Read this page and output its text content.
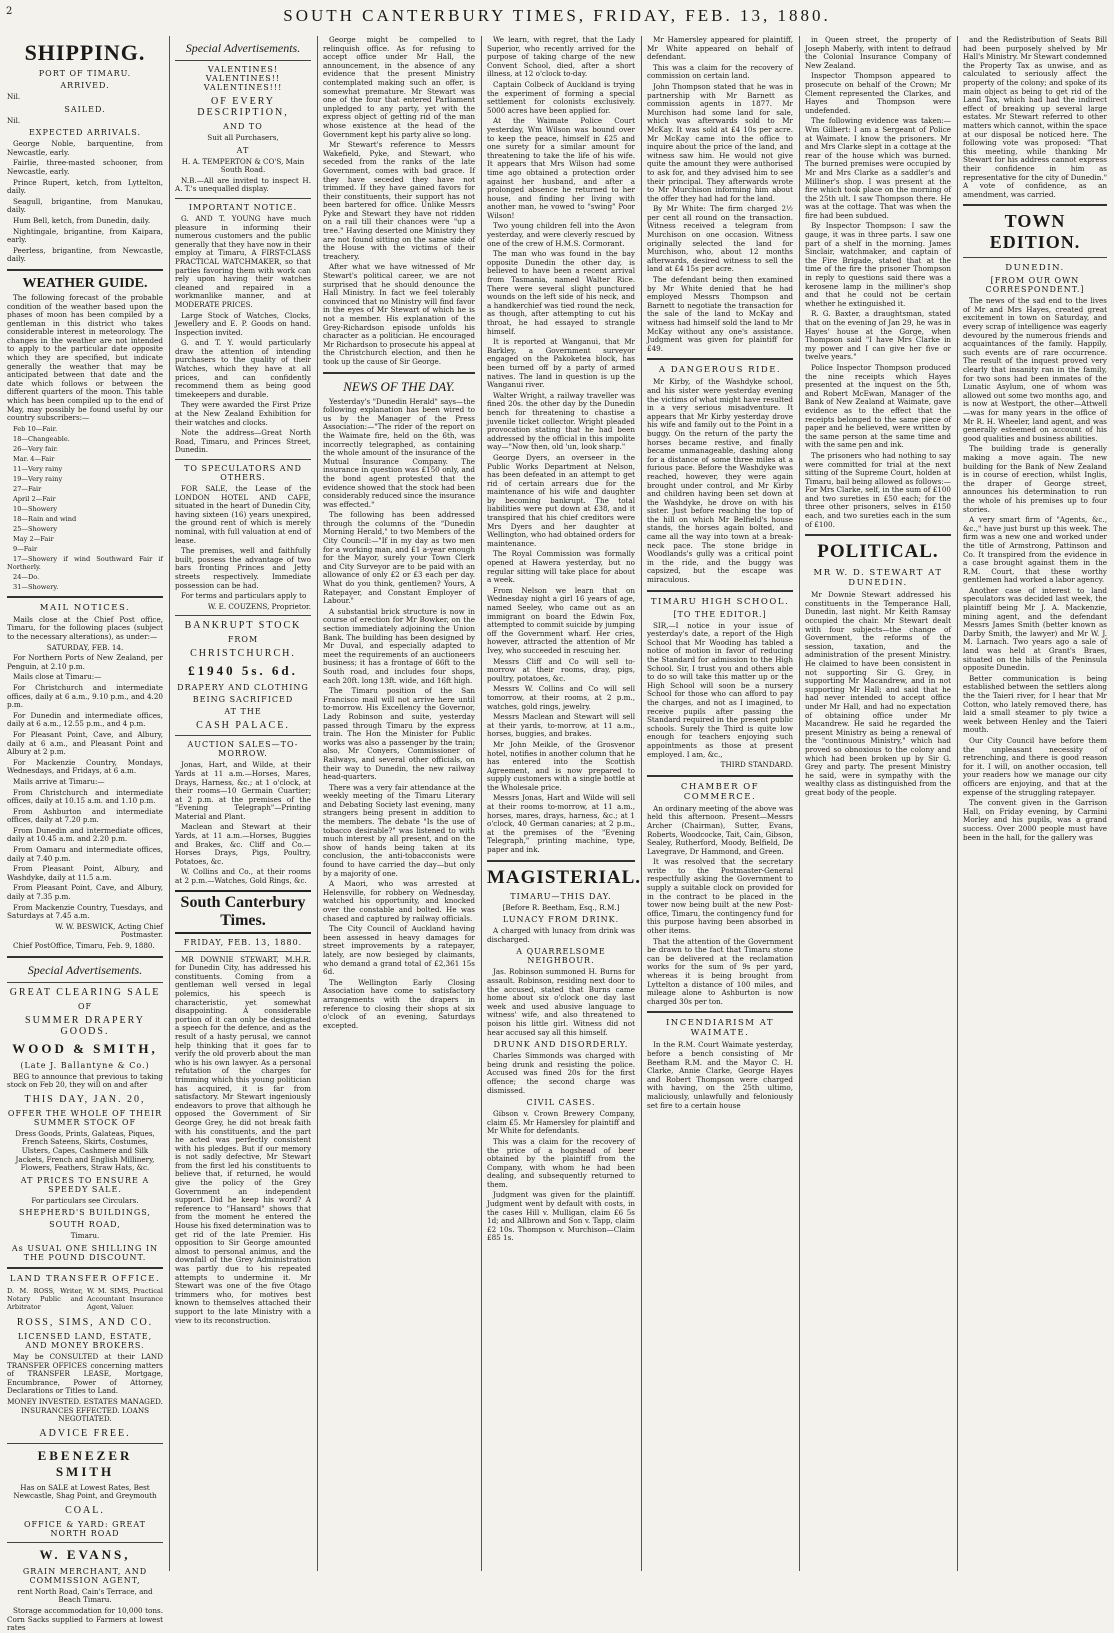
2	SOUTH CANTERBURY TIMES, FRIDAY, FEB. 13, 1880.
SHIPPING.
PORT OF TIMARU.
ARRIVED.
Nil.
SAILED.
Nil.
EXPECTED ARRIVALS.
George Noble, barquentine, from Newcastle, early.
Fairlie, three-masted schooner, from Newcastle, early.
Prince Rupert, ketch, from Lyttelton, daily.
Seagull, brigantine, from Manukau, daily.
Hum Bell, ketch, from Dunedin, daily.
Nightingale, brigantine, from Kaipara, early.
Peerless, brigantine, from Newcastle, daily.
WEATHER GUIDE.
The following forecast of the probable condition of the weather based upon the phases of moon has been compiled by a gentleman in this district who takes considerable interest in meteorology. The changes in the weather are not intended to apply to the particular date opposite which they are specified, but indicate generally the weather that may be anticipated between that date and the date which follows or between the different quarters of the moon. This table which has been compiled up to the end of May, may possibly be found useful by our country subscribers:—
Feb 10—Fair.
18—Changeable.
26—Very fair.
Mar. 4—Fair
11—Very rainy
19—Very rainy
27—Fair
April 2—Fair
10—Showery
18—Rain and wind
25—Showery
May 2—Fair
9—Fair
17—Showery if wind Southward Fair if Northerly.
24—Do.
31—Showery.
MAIL NOTICES.
Mails close at the Chief Post office, Timaru, for the following places (subject to the necessary alterations), as under:—
SATURDAY, FEB. 14.
For Northern Ports of New Zealand, per Penguin, at 2.10 p.m.
Mails close at Timaru:—
For Christchurch and intermediate offices, daily at 6 a.m., 9.10 p.m., and 4.20 p.m.
For Dunedin and intermediate offices, daily at 6 a.m., 12.55 p.m., and 4 p.m.
For Pleasant Point, Cave, and Albury, daily at 6 a.m., and Pleasant Point and Albury at 2 p.m.
For Mackenzie Country, Mondays, Wednesdays, and Fridays, at 6 a.m.
Mails arrive at Timaru:—
From Christchurch and intermediate offices, daily at 10.15 a.m. and 1.10 p.m.
From Ashburton and intermediate offices, daily at 7.20 p.m.
From Dunedin and intermediate offices, daily at 10.45 a.m. and 2.20 p.m.
From Oamaru and intermediate offices, daily at 7.40 p.m.
From Pleasant Point, Albury, and Washdyke, daily at 11.5 a.m.
From Pleasant Point, Cave, and Albury, daily at 7.35 p.m.
From Mackenzie Country, Tuesdays, and Saturdays at 7.45 a.m.
W. W. BESWICK, Acting Chief Postmaster.
Chief PostOffice, Timaru, Feb. 9, 1880.
Special Advertisements.
GREAT CLEARING SALE
OF
SUMMER DRAPERY GOODS.
WOOD & SMITH,
(Late J. Ballantyne & Co.)
BEG to announce that previous to taking stock on Feb 20, they will on and after
THIS DAY, JAN. 20,
OFFER THE WHOLE OF THEIR SUMMER STOCK OF
Dress Goods, Prints, Galateas, Piques, French Sateens, Skirts, Costumes, Ulsters, Capes, Cashmere and Silk Jackets, French and English Millinery, Flowers, Feathers, Straw Hats, &c.
AT PRICES TO ENSURE A SPEEDY SALE.
For particulars see Circulars.
SHEPHERD'S BUILDINGS,
SOUTH ROAD,
Timaru.
As USUAL ONE SHILLING IN THE POUND DISCOUNT.
LAND TRANSFER OFFICE.
D. M. ROSS, Writer, Notary Public and Arbitrator
W. M. SIMS, Practical Accountant Insurance Agent, Valuer.
ROSS, SIMS, AND CO.
LICENSED LAND, ESTATE, AND MONEY BROKERS.
May be CONSULTED at their LAND TRANSFER OFFICES concerning matters of TRANSFER LEASE, Mortgage, Encumbrance, Power of Attorney, Declarations or Titles to Land.
MONEY INVESTED. ESTATES MANAGED. INSURANCES EFFECTED. LOANS NEGOTIATED.
ADVICE FREE.
EBENEZER SMITH
Has on SALE at Lowest Rates, Best Newcastle, Shag Point, and Greymouth
COAL.
OFFICE & YARD: GREAT NORTH ROAD
W. EVANS,
GRAIN MERCHANT, AND COMMISSION AGENT,
rent North Road, Cain's Terrace, and Beach Timaru.
Storage accommodation for 10,000 tons. Corn Sacks supplied to Farmers at lowest rates
Special Advertisements.
VALENTINES! VALENTINES!! VALENTINES!!!
OF EVERY DESCRIPTION,
AND TO
Suit all Purchasers,
AT
H. A. TEMPERTON & CO'S, Main South Road.
N.B.—All are invited to inspect H. A. T.'s unequalled display.
IMPORTANT NOTICE.
G. AND T. YOUNG have much pleasure in informing their numerous customers and the public generally that they have now in their employ at Timaru, A FIRST-CLASS PRACTICAL WATCHMAKER, so that parties favoring them with work can rely upon having their watches cleaned and repaired in a workmanlike manner, and at MODERATE PRICES.
Large Stock of Watches, Clocks, Jewellery and E. P. Goods on hand. Inspection invited.
G. and T. Y. would particularly draw the attention of intending purchasers to the quality of their Watches, which they have at all prices, and can confidently recommend them as being good timekeepers and durable.
They were awarded the First Prize at the New Zealand Exhibition for their watches and clocks.
Note the address—Great North Road, Timaru, and Princes Street, Dunedin.
TO SPECULATORS AND OTHERS.
FOR SALE, the Lease of the LONDON HOTEL AND CAFE, situated in the heart of Dunedin City, having sixteen (16) years unexpired, the ground rent of which is merely nominal, with full valuation at end of lease.
The premises, well and faithfully built, possess the advantage of two bars fronting Princes and Jetty streets respectively. Immediate possession can be had.
For terms and particulars apply to
W. E. COUZENS, Proprietor.
BANKRUPT STOCK
FROM
CHRISTCHURCH.
£1940 5s. 6d.
DRAPERY AND CLOTHING
BEING SACRIFICED
AT THE
CASH PALACE.
AUCTION SALES—TO-MORROW.
Jonas, Hart, and Wilde, at their Yards at 11 a.m.—Horses, Mares, Drays, Harness, &c.; at 1 o'clock, at their rooms—10 Germain Cuartier; at 2 p.m. at the premises of the "Evening Telegraph"—Printing Material and Plant.
Maclean and Stewart at their Yards, at 11 a.m.—Horses, Buggies and Brakes, &c. Cliff and Co.—Horses Drays, Pigs, Poultry, Potatoes, &c.
W. Collins and Co., at their rooms at 2 p.m.—Watches, Gold Rings, &c.
South Canterbury Times.
FRIDAY, FEB. 13, 1880.
MR DOWNIE STEWART, M.H.R. for Dunedin City, has addressed his constituents. Coming from a gentleman well versed in legal polemics, his speech is characteristic, yet somewhat disappointing. A considerable portion of it can only be designated a speech for the defence, and as the result of a hasty perusal, we cannot help thinking that it goes far to verify the old proverb about the man who is his own lawyer. As a personal refutation of the charges for trimming which this young politician has acquired, it is far from satisfactory. Mr Stewart ingeniously endeavors to prove that although he opposed the Government of Sir George Grey, he did not break faith with his constituents, and the part he acted was perfectly consistent with his pledges. But if our memory is not sadly defective, Mr Stewart from the first led his constituents to believe that, if returned, he would give the policy of the Grey Government an independent support. Did he keep his word? A reference to "Hansard" shows that from the moment he entered the House his fixed determination was to get rid of the late Premier. His opposition to Sir George amounted almost to personal animus, and the downfall of the Grey Administration was partly due to his repeated attempts to undermine it. Mr Stewart was one of the five Otago trimmers who, for motives best known to themselves attached their support to the late Ministry with a view to its reconstruction.
George might be compelled to relinquish office. As for refusing to accept office under Mr Hall, the announcement, in the absence of any evidence that the present Ministry contemplated making such an offer, is somewhat premature. Mr Stewart was one of the four that entered Parliament unpledged to any party, yet with the express object of getting rid of the man whose existence at the head of the Government kept his party alive so long.
Mr Stewart's reference to Messrs Wakefield, Pyke, and Stewart, who seceded from the ranks of the late Government, comes with bad grace. If they have seceded they have not trimmed. If they have gained favors for their constituents, their support has not been bartered for office. Unlike Messrs Pyke and Stewart they have not ridden on a rail till their chances were "up a tree." Having deserted one Ministry they are not found sitting on the same side of the House with the victims of their treachery.
After what we have witnessed of Mr Stewart's political career, we are not surprised that he should denounce the Hall Ministry. In fact we feel tolerably convinced that no Ministry will find favor in the eyes of Mr Stewart of which he is not a member. His explanation of the Grey-Richardson episode unfolds his character as a politician. He encouraged Mr Richardson to prosecute his appeal at the Christchurch election, and then he took up the cause of Sir George.
NEWS OF THE DAY.
Yesterday's "Dunedin Herald" says—the following explanation has been wired to us by the Manager of the Press Association:—"The rider of the report on the Waimate fire, held on the 6th, was incorrectly telegraphed, as containing the whole amount of the insurance of the Mutual Insurance Company. The insurance in question was £150 only, and the bond agent protested that the evidence showed that the stock had been considerably reduced since the insurance was effected."
The following has been addressed through the columns of the "Dunedin Morning Herald," to two Members of the City Council:—"If in my day as two men for a working man, and £1 a-year enough for the Mayor, surely your Town Clerk and City Surveyor are to be paid with an allowance of only £2 or £3 each per day. What do you think, gentlemen? Yours, A Ratepayer, and Constant Employer of Labour."
A substantial brick structure is now in course of erection for Mr Bowker, on the section immediately adjoining the Union Bank. The building has been designed by Mr Duval, and especially adapted to meet the requirements of an auctioneers business; it has a frontage of 66ft to the South road, and includes four shops, each 20ft. long 13ft. wide, and 16ft high.
The Timaru position of the San Francisco mail will not arrive here until to-morrow. His Excellency the Governor, Lady Robinson and suite, yesterday passed through Timaru by the express train. The Hon the Minister for Public works was also a passenger by the train; also, Mr Conyers, Commissioner of Railways, and several other officials, on their way to Dunedin, the new railway head-quarters.
There was a very fair attendance at the weekly meeting of the Timaru Literary and Debating Society last evening, many strangers being present in addition to the members. The debate "Is the use of tobacco desirable?" was listened to with much interest by all present, and on the show of hands being taken at its conclusion, the anti-tobacconists were found to have carried the day—but only by a majority of one.
A Maori, who was arrested at Helensville, for robbery on Wednesday, watched his opportunity, and knocked over the constable and bolted. He was chased and captured by railway officials.
The City Council of Auckland having been assessed in heavy damages for street improvements by a ratepayer, lately, are now besieged by claimants, who demand a grand total of £2,361 15s 6d.
The Wellington Early Closing Association have come to satisfactory arrangements with the drapers in reference to closing their shops at six o'clock of an evening, Saturdays excepted.
We learn, with regret, that the Lady Superior, who recently arrived for the purpose of taking charge of the new Convent School, died, after a short illness, at 12 o'clock to-day.
Captain Colbeck of Auckland is trying the experiment of forming a special settlement for colonists exclusively. 5000 acres have been applied for.
At the Waimate Police Court yesterday, Wm Wilson was bound over to keep the peace, himself in £25 and one surety for a similar amount for threatening to take the life of his wife. It appears that Mrs Wilson had some time ago obtained a protection order against her husband, and after a prolonged absence he returned to her house, and finding her living with another man, he vowed to "swing" Poor Wilson!
Two young children fell into the Avon yesterday, and were cleverly rescued by one of the crew of H.M.S. Cormorant.
The man who was found in the bay opposite Dunedin the other day, is believed to have been a recent arrival from Tasmania, named Walter Rice. There were several slight punctured wounds on the left side of his neck, and a handkerchief was tied round the neck, as though, after attempting to cut his throat, he had essayed to strangle himself.
It is reported at Wanganui, that Mr Barkley, a Government surveyor engaged on the Pakoketea block, has been turned off by a party of armed natives. The land in question is up the Wanganui river.
Walter Wright, a railway traveller was fined 20s. the other day by the Dunedin bench for threatening to chastise a juvenile ticket collector. Wright pleaded provocation stating that he had been addressed by the official in this impolite way—"Now then, old 'un, look sharp."
George Dyers, an overseer in the Public Works Department at Nelson, has been defeated in an attempt to get rid of certain arrears due for the maintenance of his wife and daughter by becoming bankrupt. The total liabilities were put down at £38, and it transpired that his chief creditors were Mrs Dyers and her daughter at Wellington, who had obtained orders for maintenance.
The Royal Commission was formally opened at Hawera yesterday, but no regular sitting will take place for about a week.
From Nelson we learn that on Wednesday night a girl 16 years of age, named Seeley, who came out as an immigrant on board the Edwin Fox, attempted to commit suicide by jumping off the Government wharf. Her cries, however, attracted the attention of Mr Ivey, who succeeded in rescuing her.
Messrs Cliff and Co will sell to-morrow at their rooms, dray, pigs, poultry, potatoes, &c.
Messrs W. Collins and Co will sell tomorrow, at their rooms, at 2 p.m., watches, gold rings, jewelry.
Messrs Maclean and Stewart will sell at their yards, to-morrow, at 11 a.m., horses, buggies, and brakes.
Mr John Meikle, of the Grosvenor hotel, notifies in another column that he has entered into the Scottish Agreement, and is now prepared to supply customers with a single bottle at the Wholesale price.
Messrs Jonas, Hart and Wilde will sell at their rooms to-morrow, at 11 a.m., horses, mares, drays, harness, &c.; at 1 o'clock, 40 German canaries; at 2 p.m., at the premises of the "Evening Telegraph," printing machine, type, paper and ink.
MAGISTERIAL.
TIMARU—THIS DAY.
[Before R. Beetham, Esq., R.M.]
LUNACY FROM DRINK.
A charged with lunacy from drink was discharged.
A QUARRELSOME NEIGHBOUR.
Jas. Robinson summoned H. Burns for assault. Robinson, residing next door to the accused, stated that Burns came home about six o'clock one day last week and used abusive language to witness' wife, and also threatened to poison his little girl. Witness did not hear accused say all this himself.
DRUNK AND DISORDERLY.
Charles Simmonds was charged with being drunk and resisting the police. Accused was fined 20s for the first offence; the second charge was dismissed.
CIVIL CASES.
Gibson v. Crown Brewery Company, claim £5. Mr Hamersley for plaintiff and Mr White for defendants.
This was a claim for the recovery of the price of a hogshead of beer obtained by the plaintiff from the Company, with whom he had been dealing, and subsequently returned to them.
Judgment was given for the plaintiff. Judgment went by default with costs, in the cases Hill v. Mulligan, claim £6 5s 1d; and Allbrown and Son v. Tapp, claim £2 10s. Thompson v. Murchison—Claim £85 1s.
Mr Hamersley appeared for plaintiff, Mr White appeared on behalf of defendant.
This was a claim for the recovery of commission on certain land.
John Thompson stated that he was in partnership with Mr Barnett as commission agents in 1877. Mr Murchison had some land for sale, which was afterwards sold to Mr McKay. It was sold at £4 10s per acre. Mr McKay came into the office to inquire about the price of the land, and witness saw him. He would not give quite the amount they were authorised to ask for, and they advised him to see their principal. They afterwards wrote to Mr Murchison informing him about the offer they had had for the land.
By Mr White: The firm charged 2½ per cent all round on the transaction. Witness received a telegram from Murchison on one occasion. Witness originally selected the land for Murchison, who, about 12 months afterwards, desired witness to sell the land at £4 15s per acre.
The defendant being then examined by Mr White denied that he had employed Messrs Thompson and Barnett to negotiate the transaction for the sale of the land to McKay and witness had himself sold the land to Mr McKay without any one's assistance. Judgment was given for plaintiff for £49.
A DANGEROUS RIDE.
Mr Kirby, of the Washdyke school, and his sister were yesterday evening the victims of what might have resulted in a very serious misadventure. It appears that Mr Kirby yesterday drove his wife and family out to the Point in a buggy. On the return of the party the horses became restive, and finally became unmanageable, dashing along for a distance of some three miles at a furious pace. Before the Washdyke was reached, however, they were again brought under control, and Mr Kirby and children having been set down at the Washdyke, he drove on with his sister. Just before reaching the top of the hill on which Mr Belfield's house stands, the horses again bolted, and came all the way into town at a break-neck pace. The stone bridge in Woodlands's gully was a critical point in the ride, and the buggy was capsized, but the escape was miraculous.
TIMARU HIGH SCHOOL.
[TO THE EDITOR.]
SIR,—I notice in your issue of yesterday's date, a report of the High School that Mr Wooding has tabled a notice of motion in favor of reducing the Standard for admission to the High School. Sir, I trust you and others able to do so will take this matter up or the High School will soon be a nursery School for those who can afford to pay the charges, and not as I imagined, to receive pupils after passing the Standard required in the present public schools. Surely the Third is quite low enough for teachers enjoying such appointments as those at present employed. I am, &c.,
THIRD STANDARD.
CHAMBER OF COMMERCE.
An ordinary meeting of the above was held this afternoon. Present—Messrs Archer (Chairman), Sutter, Evans, Roberts, Woodcocke, Tait, Cain, Gibson, Sealey, Rutherford, Moody, Belfield, De Lavegrave, Dr Hammond, and Green.
It was resolved that the secretary write to the Postmaster-General respectfully asking the Government to supply a suitable clock on provided for in the contract to be placed in the tower now being built at the new Post-office, Timaru, the contingency fund for this purpose having been absorbed in other items.
That the attention of the Government be drawn to the fact that Timaru stone can be delivered at the reclamation works for the sum of 9s per yard, whereas it is being brought from Lyttelton a distance of 100 miles, and mileage alone to Ashburton is now charged 30s per ton.
INCENDIARISM AT WAIMATE.
In the R.M. Court Waimate yesterday, before a bench consisting of Mr Beetham R.M. and the Mayor C. H. Clarke, Annie Clarke, George Hayes and Robert Thompson were charged with having, on the 25th ultimo, maliciously, unlawfully and feloniously set fire to a certain house
in Queen street, the property of Joseph Maberly, with intent to defraud the Colonial Insurance Company of New Zealand.
Inspector Thompson appeared to prosecute on behalf of the Crown; Mr Clement represented the Clarkes, and Hayes and Thompson were undefended.
The following evidence was taken:—Wm Gilbert: I am a Sergeant of Police at Waimate. I know the prisoners. Mr and Mrs Clarke slept in a cottage at the rear of the house which was burned. The burned premises were occupied by Mr and Mrs Clarke as a saddler's and Milliner's shop. I was present at the fire which took place on the morning of the 25th ult. I saw Thompson there. He was at the cottage. That was when the fire had been subdued.
By Inspector Thompson: I saw the gauge, it was in three parts. I saw one part of a shelf in the morning. James Sinclair, watchmaker, and captain of the Fire Brigade, stated that at the time of the fire the prisoner Thompson in reply to questions said there was a kerosene lamp in the milliner's shop and that he could not be certain whether he extinguished it.
R. G. Baxter, a draughtsman, stated that on the evening of Jan 29, he was in Hayes' house at the Gorge, when Thompson said "I have Mrs Clarke in my power and I can give her five or twelve years."
Police Inspector Thompson produced the nine receipts which Hayes presented at the inquest on the 5th, and Robert McEwan, Manager of the Bank of New Zealand at Waimate, gave evidence as to the effect that the receipts belonged to the same piece of paper and he believed, were written by the same person at the same time and with the same pen and ink.
The prisoners who had nothing to say were committed for trial at the next sitting of the Supreme Court, holden at Timaru, bail being allowed as follows:—For Mrs Clarke, self, in the sum of £100 and two sureties in £50 each; for the three other prisoners, selves in £150 each, and two sureties each in the sum of £100.
POLITICAL.
MR W. D. STEWART AT DUNEDIN.
Mr Downie Stewart addressed his constituents in the Temperance Hall, Dunedin, last night. Mr Keith Ramsay occupied the chair. Mr Stewart dealt with four subjects—the change of Government, the reforms of the session, taxation, and the administration of the present Ministry. He claimed to have been consistent in not supporting Sir G. Grey, in supporting Mr Macandrew, and in not supporting Mr Hall; and said that he had never intended to accept office under Mr Hall, and had no expectation of obtaining office under Mr Macandrew. He said he regarded the present Ministry as being a renewal of the "continuous Ministry," which had proved so obnoxious to the colony and which had been broken up by Sir G. Grey and party. The present Ministry he said, were in sympathy with the wealthy class as distinguished from the great body of the people.
and the Redistribution of Seats Bill had been purposely shelved by Mr Hall's Ministry. Mr Stewart condemned the Property Tax as unwise, and as calculated to seriously affect the property of the colony; and spoke of its main object as being to get rid of the Land Tax, which had had the indirect effect of breaking up several large estates. Mr Stewart referred to other matters which cannot, within the space at our disposal be noticed here. The following vote was proposed: "That this meeting, while thanking Mr Stewart for his address cannot express their confidence in him as representative for the city of Dunedin." A vote of confidence, as an amendment, was carried.
TOWN EDITION.
DUNEDIN.
[FROM OUR OWN CORRESPONDENT.]
The news of the sad end to the lives of Mr and Mrs Hayes, created great excitement in town on Saturday, and every scrap of intelligence was eagerly devoured by the numerous friends and acquaintances of the family. Happily, such events are of rare occurrence. The result of the inquest proved very clearly that insanity ran in the family, for two sons had been inmates of the Lunatic Asylum, one of whom was allowed out some two months ago, and is now at Westport, the other—Attwell—was for many years in the office of Mr R. H. Wheeler, land agent, and was generally esteemed on account of his good qualities and business abilities.
The building trade is generally making a move again. The new building for the Bank of New Zealand is in course of erection, whilst Inglis, the draper of George street, announces his determination to run the whole of his premises up to four stories.
A very smart firm of "Agents, &c., &c.," have just burst up this week. The firm was a new one and worked under the title of Armstrong, Pattinson and Co. It transpired from the evidence in a case brought against them in the R.M. Court, that these worthy gentlemen had worked a labor agency.
Another case of interest to land speculators was decided last week, the plaintiff being Mr J. A. Mackenzie, mining agent, and the defendant Messrs James Smith (better known as Darby Smith, the lawyer) and Mr W. J. M. Larnach. Two years ago a sale of land was held at Grant's Braes, situated on the hills of the Peninsula opposite Dunedin.
Better communication is being established between the settlers along the the Taieri river, for I hear that Mr Cotton, who lately removed there, has laid a small steamer to ply twice a week between Henley and the Taieri mouth.
Our City Council have before them the unpleasant necessity of retrenching, and there is good reason for it. I will, on another occasion, tell your readers how we manage our city officers are enjoying, and that at the expense of the struggling ratepayer.
The convent given in the Garrison Hall, on Friday evening, by Carmini Morley and his pupils, was a grand success. Over 2000 people must have been in the hall, for the gallery was
